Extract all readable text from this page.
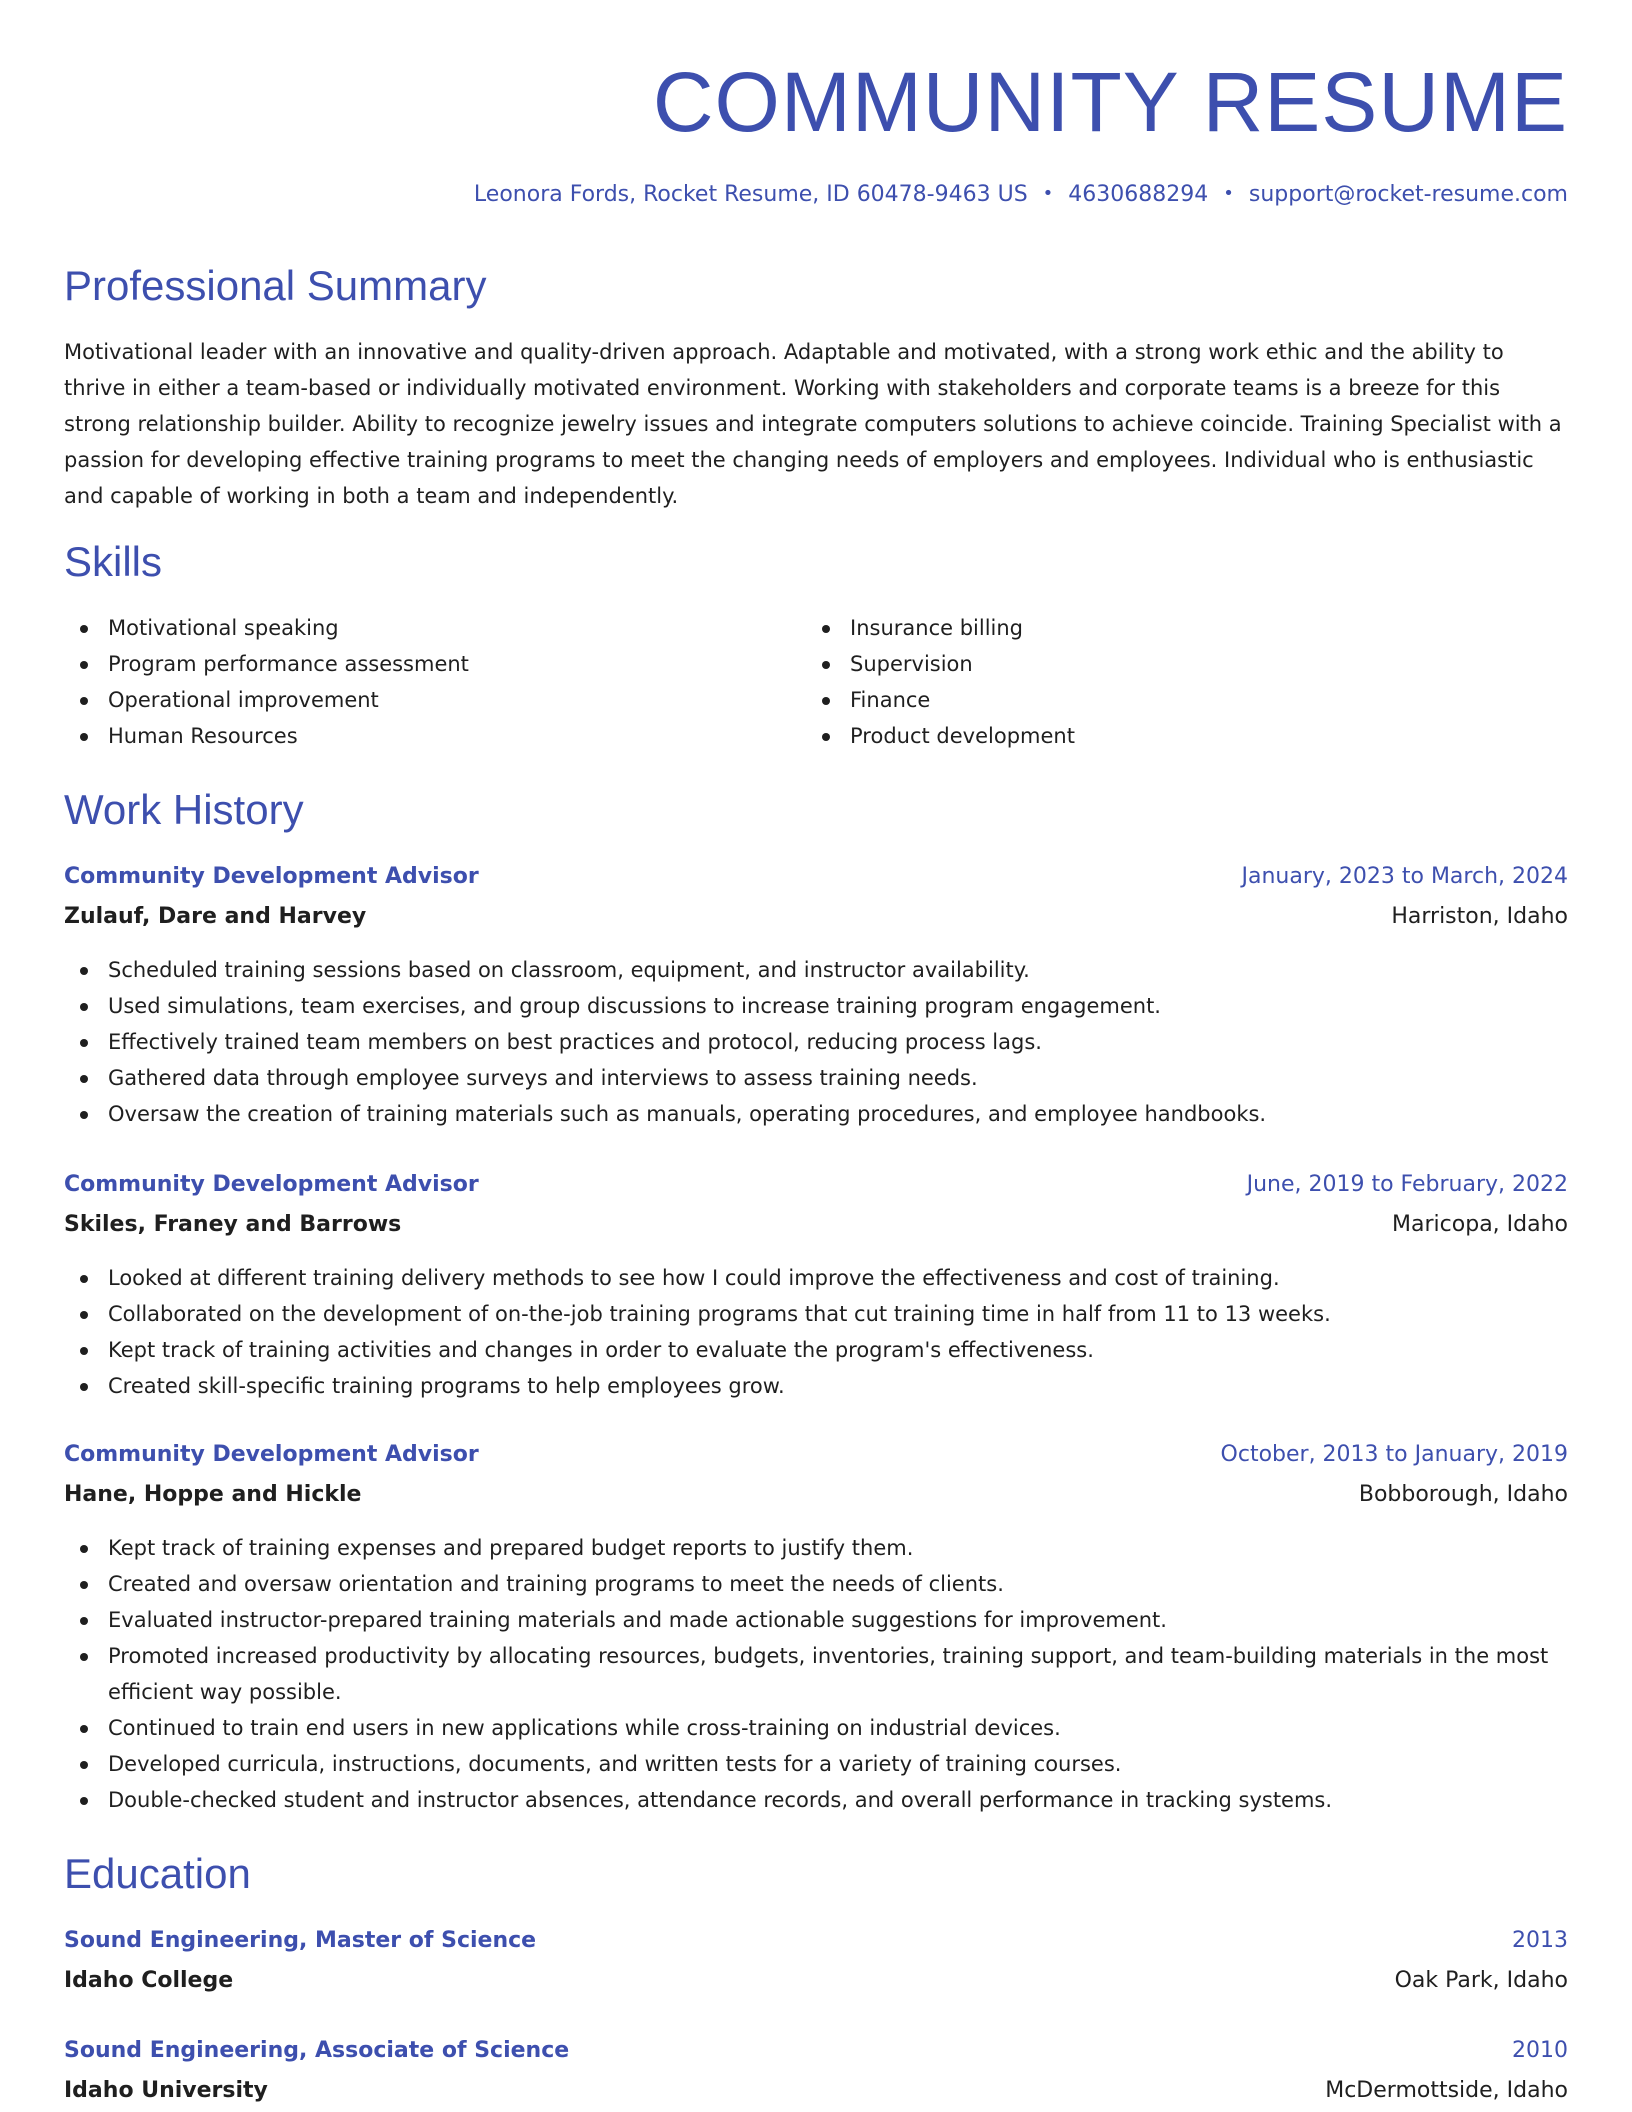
COMMUNITY RESUME
Leonora Fords, Rocket Resume, ID 60478-9463 US • 4630688294 • support@rocket-resume.com
Professional Summary

Motivational leader with an innovative and quality-driven approach. Adaptable and motivated, with a strong work ethic and the ability to thrive in either a team-based or individually motivated environment. Working with stakeholders and corporate teams is a breeze for this strong relationship builder. Ability to recognize jewelry issues and integrate computers solutions to achieve coincide. Training Specialist with a passion for developing effective training programs to meet the changing needs of employers and employees. Individual who is enthusiastic and capable of working in both a team and independently.

Skills
Motivational speaking
Program performance assessment
Operational improvement
Human Resources
Insurance billing
Supervision
Finance
Product development
Work History
Community Development Advisor	January, 2023 to March, 2024
Zulauf, Dare and Harvey	Harriston, Idaho
Scheduled training sessions based on classroom, equipment, and instructor availability.
Used simulations, team exercises, and group discussions to increase training program engagement.
Effectively trained team members on best practices and protocol, reducing process lags.
Gathered data through employee surveys and interviews to assess training needs.
Oversaw the creation of training materials such as manuals, operating procedures, and employee handbooks.
Community Development Advisor	June, 2019 to February, 2022
Skiles, Franey and Barrows	Maricopa, Idaho
Looked at different training delivery methods to see how I could improve the effectiveness and cost of training.
Collaborated on the development of on-the-job training programs that cut training time in half from 11 to 13 weeks.
Kept track of training activities and changes in order to evaluate the program's effectiveness.
Created skill-specific training programs to help employees grow.
Community Development Advisor	October, 2013 to January, 2019
Hane, Hoppe and Hickle	Bobborough, Idaho
Kept track of training expenses and prepared budget reports to justify them.
Created and oversaw orientation and training programs to meet the needs of clients.
Evaluated instructor-prepared training materials and made actionable suggestions for improvement.
Promoted increased productivity by allocating resources, budgets, inventories, training support, and team-building materials in the most efficient way possible.
Continued to train end users in new applications while cross-training on industrial devices.
Developed curricula, instructions, documents, and written tests for a variety of training courses.
Double-checked student and instructor absences, attendance records, and overall performance in tracking systems.
Education
Sound Engineering, Master of Science	2013
Idaho College	Oak Park, Idaho
Sound Engineering, Associate of Science	2010
Idaho University	McDermottside, Idaho
